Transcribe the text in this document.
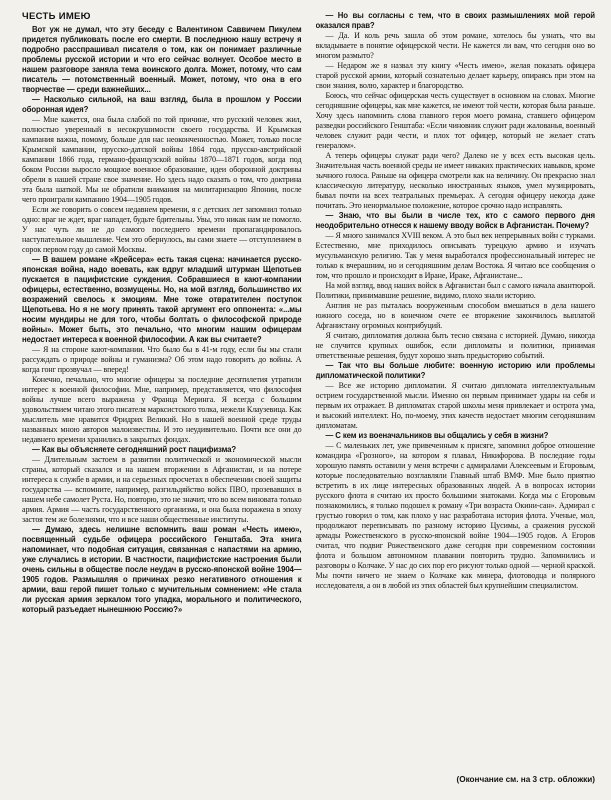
ЧЕСТЬ ИМЕЮ

Вот уж не думал, что эту беседу с Валентином Саввичем Пикулем придется публиковать после его смерти. В последнюю нашу встречу я подробно расспрашивал писателя о том, как он понимает различные проблемы русской истории и что его сейчас волнует. Особое место в нашем разговоре заняла тема воинского долга. Может, потому, что сам писатель — потомственный военный. Может, потому, что она в его творчестве — среди важнейших...

— Насколько сильной, на ваш взгляд, была в прошлом у России оборонная идея?

— Мне кажется, она была слабой по той причине, что русский человек жил, полностью уверенный в несокрушимости своего государства. И Крымская кампания важна, помому, больше для нас неоконченностью. Может, только после Крымской кампании, прусско-датской войны 1864 года, прусско-австрийской кампании 1866 года, германо-французской войны 1870—1871 годов, когда под боком России выросло мощное военное образование, идеи оборонной доктрины обрели в нашей стране свое значение. Но здесь надо сказать о том, что доктрина эта была шаткой. Мы не обратили внимания на милитаризацию Японии, после чего проиграли кампанию 1904—1905 годов.

Если же говорить о совсем недавнем времени, я с детских лет запомнил только одно: враг не ждет, враг нападет, будьте бдительны. Увы, это никак нам не помогло. У нас чуть ли не до самого последнего времени пропагандировалось наступательное мышление. Чем это обернулось, вы сами знаете — отступлением в сорок первом году до самой Москвы.

— В вашем романе «Крейсера» есть такая сцена: начинается русско-японская война, надо воевать, как вдруг младший штурман Щепотьев пускается в пацифистские суждения. Собравшиеся в кают-компании офицеры, естественно, возмущены. Но, на мой взгляд, большинство их возражений свелось к эмоциям. Мне тоже отвратителен поступок Щепотьева. Но я не могу принять такой аргумент его оппонента: «...мы носим мундиры не для того, чтобы болтать о философской природе войны». Может быть, это печально, что многим нашим офицерам недостает интереса к военной философии. А как вы считаете?

— Я на стороне кают-компании. Что было бы в 41-м году, если бы мы стали рассуждать о природе войны и гуманизма? Об этом надо говорить до войны. А когда гонг прозвучал — вперед!

Конечно, печально, что многие офицеры за последние десятилетия утратили интерес к военной философии. Мне, например, представляется, что философия войны лучше всего выражена у Франца Меринга. Я всегда с большим удовольствием читаю этого писателя марксистского толка, нежели Клаузевица. Как мыслитель мне нравится Фридрих Великий. Но в нашей военной среде труды названных мною авторов малоизвестны. И это неудивительно. Почти все они до недавнего времени хранились в закрытых фондах.

— Как вы объясняете сегодняшний рост пацифизма?

— Длительным застоем в развитии политической и экономической мысли страны, который сказался и на нашем вторжении в Афганистан, и на потере интереса к службе в армии, и на серьезных просчетах в обеспечении своей защиты государства — вспомните, например, разгильдяйство войск ПВО, прозевавших в нашем небе самолет Руста. Но, повторю, это не значит, что во всем виновата только армия. Армия — часть государственного организма, и она была поражена в эпоху застоя тем же болезнями, что и все наши общественные институты.

— Думаю, здесь нелишне вспомнить ваш роман «Честь имею», посвященный судьбе офицера российского Генштаба. Эта книга напоминает, что подобная ситуация, связанная с напастями на армию, уже случались в истории. В частности, пацифистские настроения были очень сильны в обществе после неудач в русско-японской войне 1904—1905 годов. Размышляя о причинах резко негативного отношения к армии, ваш герой пишет только с мучительным сомнением: «Не стала ли русская армия зеркалом того упадка, морального и политического, который разъедает нынешнюю Россию?»

— Но вы согласны с тем, что в своих размышлениях мой герой оказался прав?

— Да. И коль речь зашла об этом романе, хотелось бы узнать, что вы вкладываете в понятие офицерской чести. Не кажется ли вам, что сегодня оно во многом размыто?

— Недаром же я назвал эту книгу «Честь имею», желая показать офицера старой русской армии, который сознательно делает карьеру, опираясь при этом на свои знания, волю, характер и благородство.

Боюсь, что сейчас офицерская честь существует в основном на словах. Многие сегодняшние офицеры, как мне кажется, не имеют той чести, которая была раньше. Хочу здесь напомнить слова главного героя моего романа, ставшего офицером разведки российского Генштаба: «Если чиновник служит ради жалованья, военный человек служит ради чести, и плох тот офицер, который не желает стать генералом».

А теперь офицеры служат ради чего? Далеко не у всех есть высокая цель. Значительная часть военной среды не имеет никаких практических навыков, кроме зычного голоса. Раньше на офицера смотрели как на величину. Он прекрасно знал классическую литературу, несколько иностранных языков, умел музицировать, бывал почти на всех театральных премьерах. А сегодня офицеру некогда даже почитать. Это ненормальное положение, которое срочно надо исправлять.

— Знаю, что вы были в числе тех, кто с самого первого дня неодобрительно отнесся к нашему вводу войск в Афганистан. Почему?

— Я много занимался XVIII веком. А это был век непрерывных войн с турками. Естественно, мне приходилось описывать турецкую армию и изучать мусульманскую религию. Так у меня выработался профессиональный интерес не только к вчерашним, но и сегодняшним делам Востока. Я читаю все сообщения о том, что прошло и происходит в Иране, Ираке, Афганистане...

На мой взгляд, ввод наших войск в Афганистан был с самого начала авантюрой. Политики, принимавшие решение, видимо, плохо знали историю.

Англия не раз пыталась вооруженным способом вмешаться в дела нашего южного соседа, но в конечном счете ее вторжение закончилось выплатой Афганистану огромных контрибуций.

Я считаю, дипломатия должна быть тесно связана с историей. Думаю, никогда не случится крупных ошибок, если дипломаты и политики, принимая ответственные решения, будут хорошо знать предысторию событий.

— Так что вы больше любите: военную историю или проблемы дипломатической политики?

— Все же историю дипломатии. Я считаю дипломата интеллектуальным острием государственной мысли. Именно он первым принимает удары на себя и первым их отражает. В дипломатах старой школы меня привлекает и острота ума, и высокий интеллект. Но, по-моему, этих качеств недостает многим сегодняшним дипломатам.

— С кем из военачальников вы общались у себя в жизни?

— С маленьких лет, уже привеченным к присяге, запомнил доброе отношение командира «Грозного», на котором я плавал, Никифорова. В последние годы хорошую память оставили у меня встречи с адмиралами Алексеевым и Егоровым, которые последовательно возглавляли Главный штаб ВМФ. Мне было приятно встретить в их лице интересных образованных людей. А в вопросах истории русского флота я считаю их просто большими знатоками. Когда мы с Егоровым познакомились, я только подошел к роману «Три возраста Окини-сан». Адмирал с грустью говорил о том, как плохо у нас разработана история флота. Ученые, мол, продолжают переписывать по разному историю Цусимы, а сражения русской армады Рожественского в русско-японской войне 1904—1905 годов. А Егоров считал, что подвиг Рожественского даже сегодня при современном состоянии флота и большом автономном плавании повторить трудно. Запомнились и разговоры о Колчаке. У нас до сих пор его рисуют только одной — черной краской. Мы почти ничего не знаем о Колчаке как минера, флотоводца и полярного исследователя, а он в любой из этих областей был крупнейшим специалистом.

(Окончание см. на 3 стр. обложки)
